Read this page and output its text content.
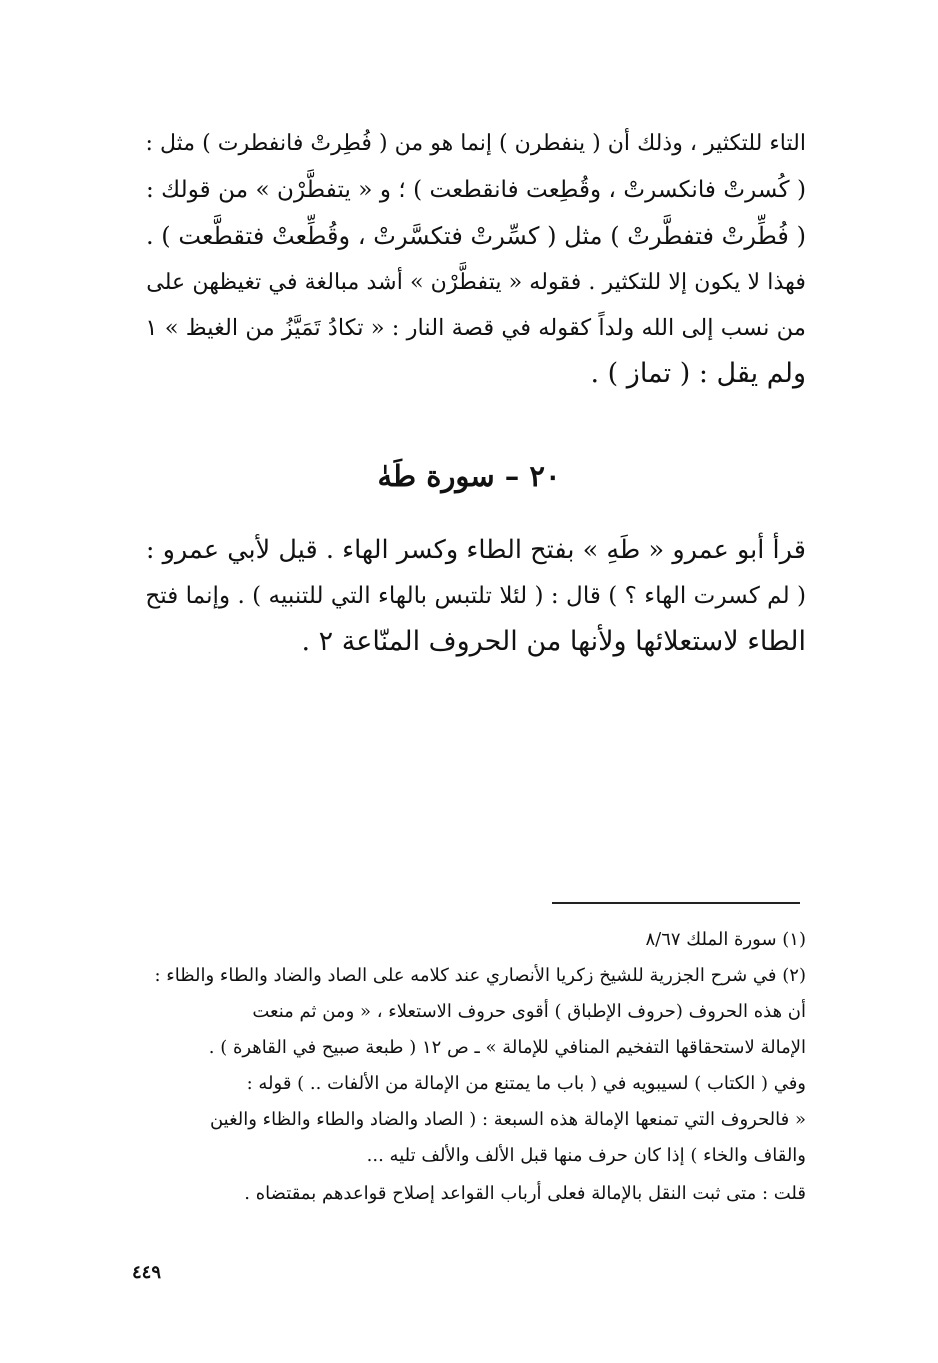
التاء للتكثير ، وذلك أن ( ينفطرن ) إنما هو من ( فُطِرتْ فانفطرت ) مثل :
( كُسرتْ فانكسرتْ ، وقُطِعت فانقطعت ) ؛ و « يتفطَّرْن » من قولك :
( فُطِّرتْ فتفطَّرتْ ) مثل ( كسِّرتْ فتكسَّرتْ ، وقُطِّعتْ فتقطَّعت ) .
فهذا لا يكون إلا للتكثير . فقوله « يتفطَّرْن » أشد مبالغة في تغيظهن على
من نسب إلى الله ولداً كقوله في قصة النار : « تكادُ تَمَيَّزُ من الغيظ » ١
ولم يقل : ( تماز ) .
٢٠ – سورة طَهٰ
قرأ أبو عمرو « طَهِ » بفتح الطاء وكسر الهاء . قيل لأبي عمرو :
( لم كسرت الهاء ؟ ) قال : ( لئلا تلتبس بالهاء التي للتنبيه ) . وإنما فتح
الطاء لاستعلائها ولأنها من الحروف المنّاعة ٢ .
(١) سورة الملك ٨/٦٧
(٢) في شرح الجزرية للشيخ زكريا الأنصاري عند كلامه على الصاد والضاد والطاء والظاء :
أن هذه الحروف (حروف الإطباق ) أقوى حروف الاستعلاء ، « ومن ثم منعت
الإمالة لاستحقاقها التفخيم المنافي للإمالة » ـ ص ١٢ ( طبعة صبيح في القاهرة ) .
وفي ( الكتاب ) لسيبويه في ( باب ما يمتنع من الإمالة من الألفات .. ) قوله :
« فالحروف التي تمنعها الإمالة هذه السبعة : ( الصاد والضاد والطاء والظاء والغين
والقاف والخاء ) إذا كان حرف منها قبل الألف والألف تليه ...
قلت : متى ثبت النقل بالإمالة فعلى أرباب القواعد إصلاح قواعدهم بمقتضاه .
٤٤٩
